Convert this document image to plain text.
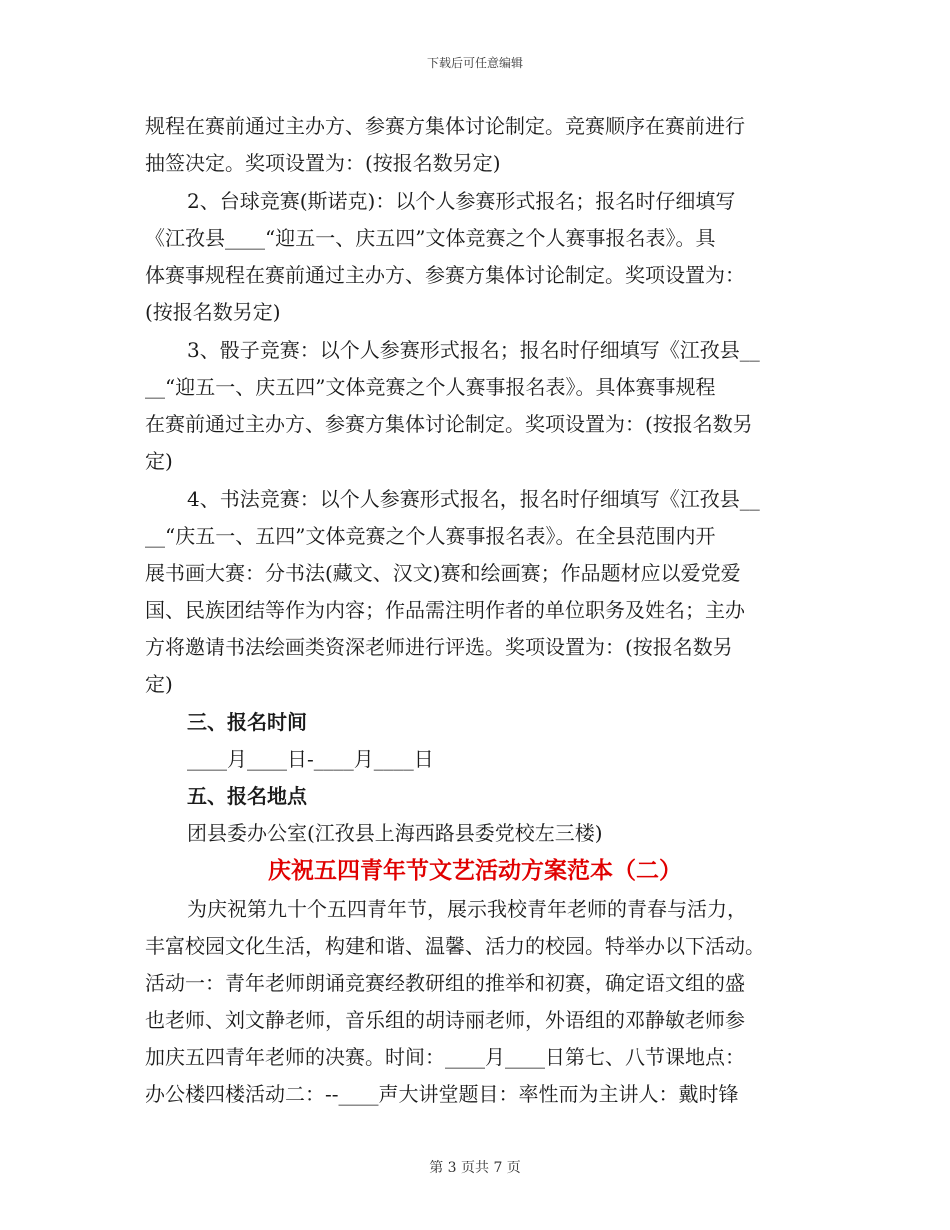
下载后可任意编辑
规程在赛前通过主办方、参赛方集体讨论制定。竞赛顺序在赛前进行
抽签决定。奖项设置为：(按报名数另定)
2、台球竞赛(斯诺克)：以个人参赛形式报名；报名时仔细填写
《江孜县____“迎五一、庆五四”文体竞赛之个人赛事报名表》。具
体赛事规程在赛前通过主办方、参赛方集体讨论制定。奖项设置为：
(按报名数另定)
3、骰子竞赛：以个人参赛形式报名；报名时仔细填写《江孜县__
__“迎五一、庆五四”文体竞赛之个人赛事报名表》。具体赛事规程
在赛前通过主办方、参赛方集体讨论制定。奖项设置为：(按报名数另
定)
4、书法竞赛：以个人参赛形式报名，报名时仔细填写《江孜县__
__“庆五一、五四”文体竞赛之个人赛事报名表》。在全县范围内开
展书画大赛：分书法(藏文、汉文)赛和绘画赛；作品题材应以爱党爱
国、民族团结等作为内容；作品需注明作者的单位职务及姓名；主办
方将邀请书法绘画类资深老师进行评选。奖项设置为：(按报名数另
定)
三、报名时间
____月____日-____月____日
五、报名地点
团县委办公室(江孜县上海西路县委党校左三楼)
庆祝五四青年节文艺活动方案范本（二）
为庆祝第九十个五四青年节，展示我校青年老师的青春与活力，
丰富校园文化生活，构建和谐、温馨、活力的校园。特举办以下活动。
活动一：青年老师朗诵竞赛经教研组的推举和初赛，确定语文组的盛
也老师、刘文静老师，音乐组的胡诗丽老师，外语组的邓静敏老师参
加庆五四青年老师的决赛。时间：____月____日第七、八节课地点：
办公楼四楼活动二：--____声大讲堂题目：率性而为主讲人：戴时锋
第 3 页共 7 页
